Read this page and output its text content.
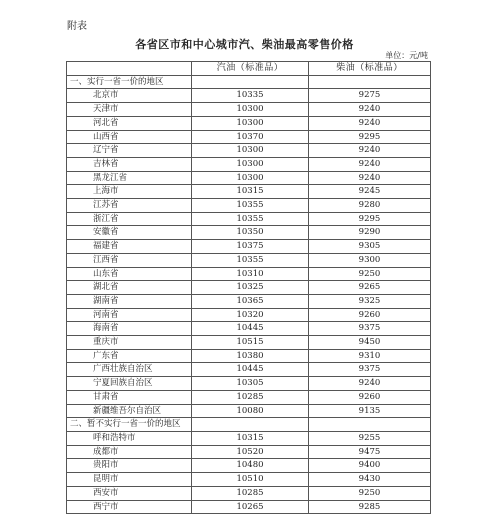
附表
各省区市和中心城市汽、柴油最高零售价格
单位：元/吨
	汽油（标准品）	柴油（标准品）
一、实行一省一价的地区		
北京市	10335	9275
天津市	10300	9240
河北省	10300	9240
山西省	10370	9295
辽宁省	10300	9240
吉林省	10300	9240
黑龙江省	10300	9240
上海市	10315	9245
江苏省	10355	9280
浙江省	10355	9295
安徽省	10350	9290
福建省	10375	9305
江西省	10355	9300
山东省	10310	9250
湖北省	10325	9265
湖南省	10365	9325
河南省	10320	9260
海南省	10445	9375
重庆市	10515	9450
广东省	10380	9310
广西壮族自治区	10445	9375
宁夏回族自治区	10305	9240
甘肃省	10285	9260
新疆维吾尔自治区	10080	9135
二、暂不实行一省一价的地区		
呼和浩特市	10315	9255
成都市	10520	9475
贵阳市	10480	9400
昆明市	10510	9430
西安市	10285	9250
西宁市	10265	9285
